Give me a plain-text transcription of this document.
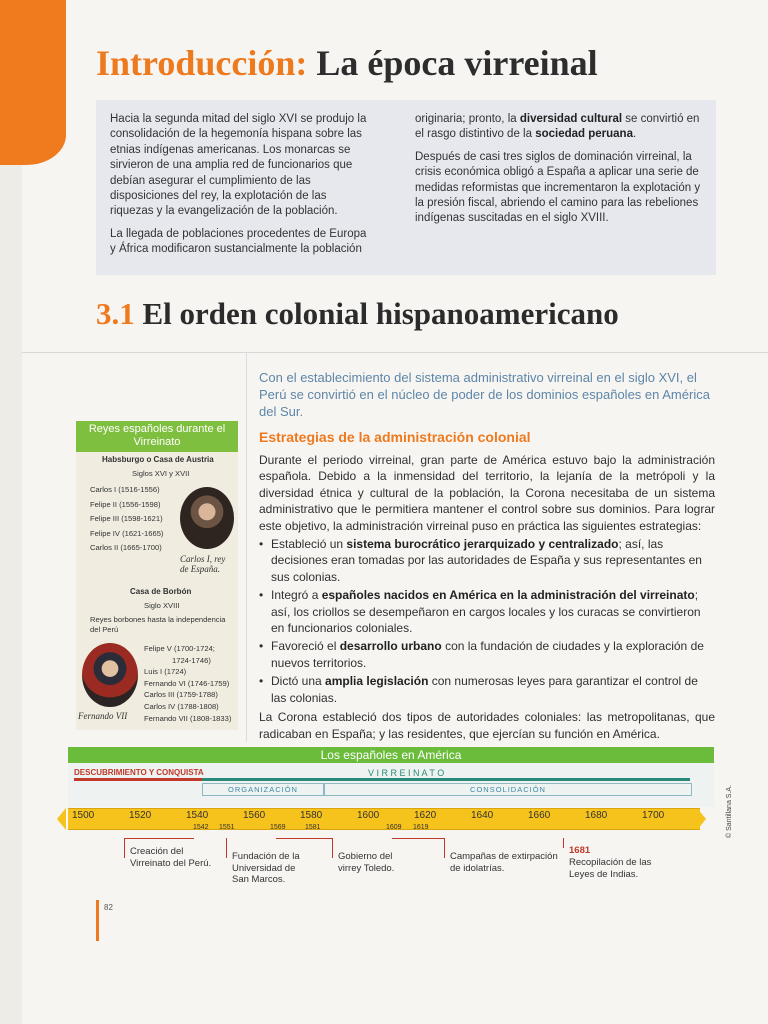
Introducción: La época virreinal

Hacia la segunda mitad del siglo XVI se produjo la consolidación de la hegemonía hispana sobre las etnias indígenas americanas. Los monarcas se sirvieron de una amplia red de funcionarios que debían asegurar el cumplimiento de las disposiciones del rey, la explotación de las riquezas y la evangelización de la población.

La llegada de poblaciones procedentes de Europa y África modificaron sustancialmente la población

originaria; pronto, la diversidad cultural se convirtió en el rasgo distintivo de la sociedad peruana.

Después de casi tres siglos de dominación virreinal, la crisis económica obligó a España a aplicar una serie de medidas reformistas que incrementaron la explotación y la presión fiscal, abriendo el camino para las rebeliones indígenas suscitadas en el siglo XVIII.

3.1 El orden colonial hispanoamericano
Con el establecimiento del sistema administrativo virreinal en el siglo XVI, el Perú se convirtió en el núcleo de poder de los dominios españoles en América del Sur.
Estrategias de la administración colonial

Durante el periodo virreinal, gran parte de América estuvo bajo la administración española. Debido a la inmensidad del territorio, la lejanía de la metrópoli y la diversidad étnica y cultural de la población, la Corona necesitaba de un sistema administrativo que le permitiera mantener el control sobre sus dominios. Para lograr este objetivo, la administración virreinal puso en práctica las siguientes estrategias:

• Estableció un sistema burocrático jerarquizado y centralizado; así, las decisiones eran tomadas por las autoridades de España y sus representantes en sus colonias.
• Integró a españoles nacidos en América en la administración del virreinato; así, los criollos se desempeñaron en cargos locales y los curacas se convirtieron en funcionarios coloniales.
• Favoreció el desarrollo urbano con la fundación de ciudades y la exploración de nuevos territorios.
• Dictó una amplia legislación con numerosas leyes para garantizar el control de las colonias.

La Corona estableció dos tipos de autoridades coloniales: las metropolitanas, que radicaban en España; y las residentes, que ejercían su función en América.

Reyes españoles durante el Virreinato
Habsburgo o Casa de Austria
Siglos XVI y XVII
Carlos I (1516-1556)
Felipe II (1556-1598)
Felipe III (1598-1621)
Felipe IV (1621-1665)
Carlos II (1665-1700)
Carlos I, rey de España.
Casa de Borbón
Siglo XVIII
Reyes borbones hasta la independencia del Perú
Felipe V (1700-1724;
1724-1746)
Luis I (1724)
Fernando VI (1746-1759)
Carlos III (1759-1788)
Carlos IV (1788-1808)
Fernando VII (1808-1833)
Fernando VII
Los españoles en América
DESCUBRIMIENTO Y CONQUISTA	V I R R E I N A T O
ORGANIZACIÓN	CONSOLIDACIÓN
1500	1520	1540	1560	1580	1600	1620	1640	1660	1680	1700
1542 1551	1569	1581	1609 1619
Creación del Virreinato del Perú.
Fundación de la Universidad de San Marcos.
Gobierno del virrey Toledo.
Campañas de extirpación de idolatrías.
1681
Recopilación de las Leyes de Indias.
© Santillana S.A.
82
